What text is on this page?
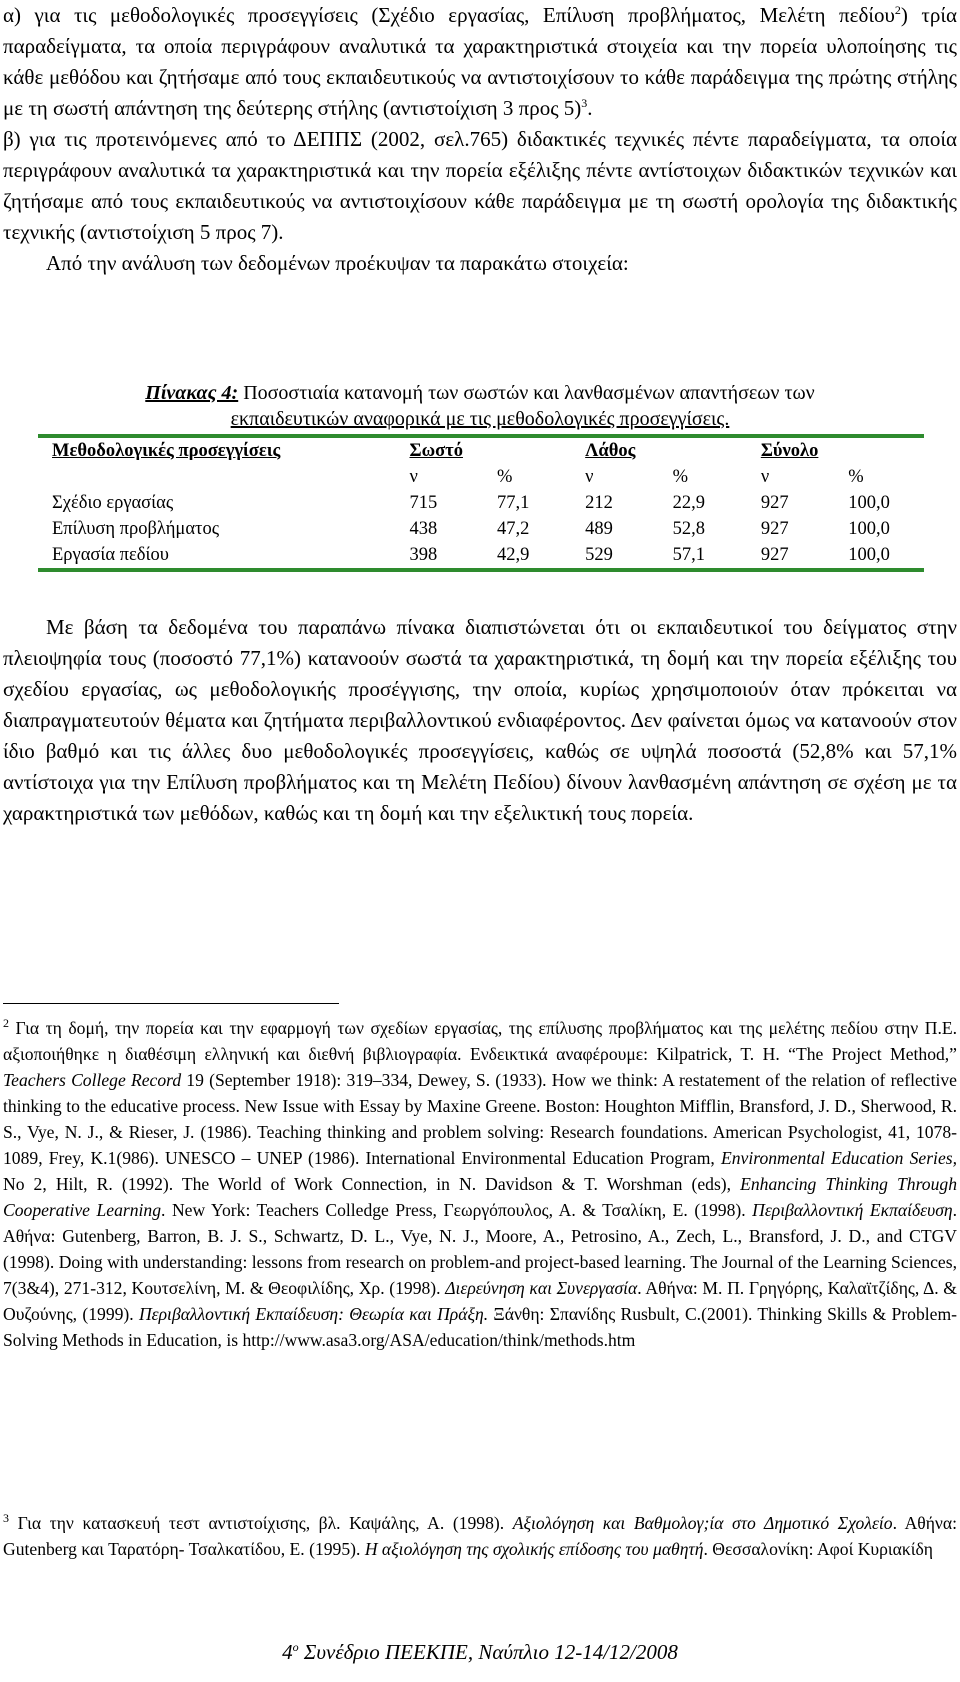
α) για τις μεθοδολογικές προσεγγίσεις (Σχέδιο εργασίας, Επίλυση προβλήματος, Μελέτη πεδίου$^2$) τρία παραδείγματα, τα οποία περιγράφουν αναλυτικά τα χαρακτηριστικά στοιχεία και την πορεία υλοποίησης τις κάθε μεθόδου και ζητήσαμε από τους εκπαιδευτικούς να αντιστοιχίσουν το κάθε παράδειγμα της πρώτης στήλης με τη σωστή απάντηση της δεύτερης στήλης (αντιστοίχιση 3 προς 5)$^3$.

β) για τις προτεινόμενες από το ΔΕΠΠΣ (2002, σελ.765) διδακτικές τεχνικές πέντε παραδείγματα, τα οποία περιγράφουν αναλυτικά τα χαρακτηριστικά και την πορεία εξέλιξης πέντε αντίστοιχων διδακτικών τεχνικών και ζητήσαμε από τους εκπαιδευτικούς να αντιστοιχίσουν κάθε παράδειγμα με τη σωστή ορολογία της διδακτικής τεχνικής (αντιστοίχιση 5 προς 7).

Από την ανάλυση των δεδομένων προέκυψαν τα παρακάτω στοιχεία:

Πίνακας 4: Ποσοστιαία κατανομή των σωστών και λανθασμένων απαντήσεων των
εκπαιδευτικών αναφορικά με τις μεθοδολογικές προσεγγίσεις.
Μεθοδολογικές προσεγγίσεις	Σωστό		Λάθος		Σύνολο	
	ν	%	ν	%	ν	%
Σχέδιο εργασίας	715	77,1	212	22,9	927	100,0
Επίλυση προβλήματος	438	47,2	489	52,8	927	100,0
Εργασία πεδίου	398	42,9	529	57,1	927	100,0

Με βάση τα δεδομένα του παραπάνω πίνακα διαπιστώνεται ότι οι εκπαιδευτικοί του δείγματος στην πλειοψηφία τους (ποσοστό 77,1%) κατανοούν σωστά τα χαρακτηριστικά, τη δομή και την πορεία εξέλιξης του σχεδίου εργασίας, ως μεθοδολογικής προσέγγισης, την οποία, κυρίως χρησιμοποιούν όταν πρόκειται να διαπραγματευτούν θέματα και ζητήματα περιβαλλοντικού ενδιαφέροντος. Δεν φαίνεται όμως να κατανοούν στον ίδιο βαθμό και τις άλλες δυο μεθοδολογικές προσεγγίσεις, καθώς σε υψηλά ποσοστά (52,8% και 57,1% αντίστοιχα για την Επίλυση προβλήματος και τη Μελέτη Πεδίου) δίνουν λανθασμένη απάντηση σε σχέση με τα χαρακτηριστικά των μεθόδων, καθώς και τη δομή και την εξελικτική τους πορεία.

$^2$ Για τη δομή, την πορεία και την εφαρμογή των σχεδίων εργασίας, της επίλυσης προβλήματος και της μελέτης πεδίου στην Π.Ε. αξιοποιήθηκε η διαθέσιμη ελληνική και διεθνή βιβλιογραφία. Ενδεικτικά αναφέρουμε: Kilpatrick, T. H. “The Project Method,” Teachers College Record 19 (September 1918): 319–334, Dewey, S. (1933). How we think: A restatement of the relation of reflective thinking to the educative process. New Issue with Essay by Maxine Greene. Boston: Houghton Mifflin, Bransford, J. D., Sherwood, R. S., Vye, N. J., & Rieser, J. (1986). Teaching thinking and problem solving: Research foundations. American Psychologist, 41, 1078-1089, Frey, K.1(986). UNESCO – UNEP (1986). International Environmental Education Program, Environmental Education Series, No 2, Hilt, R. (1992). The World of Work Connection, in N. Davidson & T. Worshman (eds), Enhancing Thinking Through Cooperative Learning. New York: Teachers Colledge Press, Γεωργόπουλος, Α. & Τσαλίκη, Ε. (1998). Περιβαλλοντική Εκπαίδευση. Αθήνα: Gutenberg, Barron, B. J. S., Schwartz, D. L., Vye, N. J., Moore, A., Petrosino, A., Zech, L., Bransford, J. D., and CTGV (1998). Doing with understanding: lessons from research on problem-and project-based learning. The Journal of the Learning Sciences, 7(3&4), 271-312, Κουτσελίνη, Μ. & Θεοφιλίδης, Χρ. (1998). Διερεύνηση και Συνεργασία. Αθήνα: Μ. Π. Γρηγόρης, Καλαϊτζίδης, Δ. & Ουζούνης, (1999). Περιβαλλοντική Εκπαίδευση: Θεωρία και Πράξη. Ξάνθη: Σπανίδης Rusbult, C.(2001). Thinking Skills & Problem-Solving Methods in Education, is http://www.asa3.org/ASA/education/think/methods.htm

$^3$ Για την κατασκευή τεστ αντιστοίχισης, βλ. Καψάλης, Α. (1998). Αξιολόγηση και Βαθμολογ;ία στο Δημοτικό Σχολείο. Αθήνα: Gutenberg και Ταρατόρη- Τσαλκατίδου, Ε. (1995). Η αξιολόγηση της σχολικής επίδοσης του μαθητή. Θεσσαλονίκη: Αφοί Κυριακίδη

$4^o$ Συνέδριο ΠΕΕΚΠΕ, Ναύπλιο 12-14/12/2008
